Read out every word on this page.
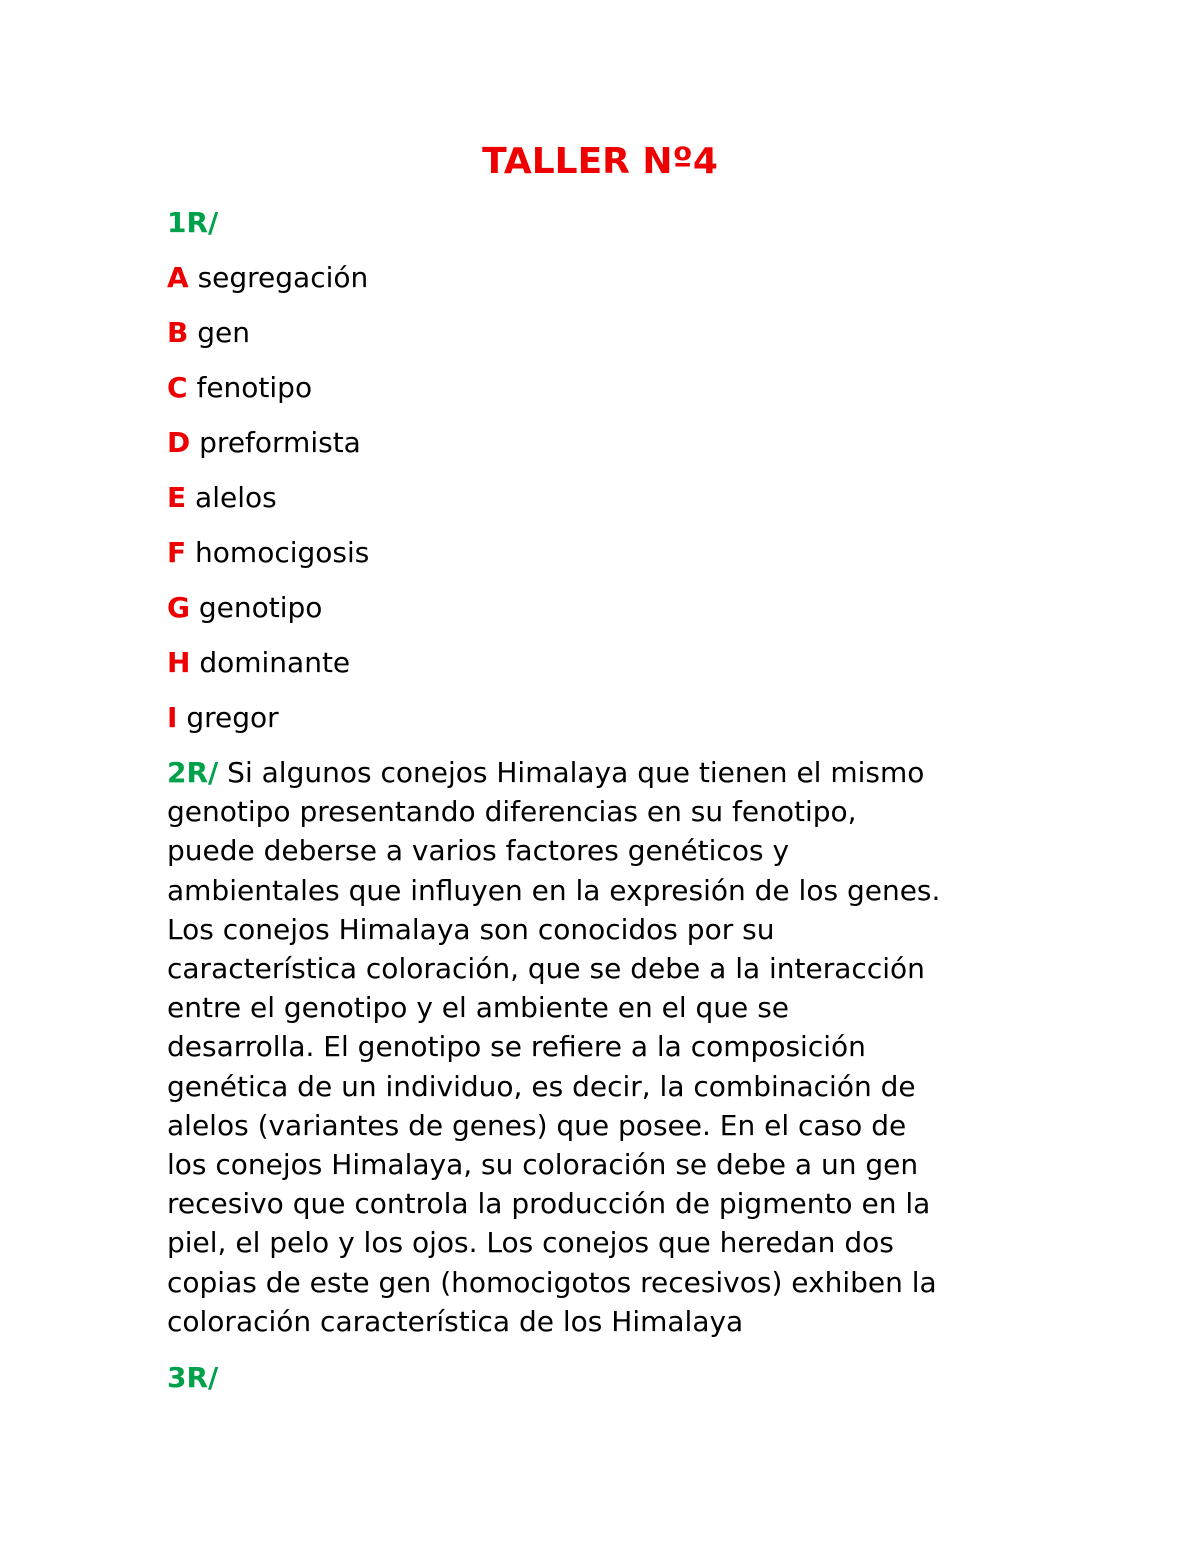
TALLER Nº4
1R/
A segregación
B gen
C fenotipo
D preformista
E alelos
F homocigosis
G genotipo
H dominante
I gregor
2R/ Si algunos conejos Himalaya que tienen el mismo
genotipo presentando diferencias en su fenotipo,
puede deberse a varios factores genéticos y
ambientales que influyen en la expresión de los genes.
Los conejos Himalaya son conocidos por su
característica coloración, que se debe a la interacción
entre el genotipo y el ambiente en el que se
desarrolla. El genotipo se refiere a la composición
genética de un individuo, es decir, la combinación de
alelos (variantes de genes) que posee. En el caso de
los conejos Himalaya, su coloración se debe a un gen
recesivo que controla la producción de pigmento en la
piel, el pelo y los ojos. Los conejos que heredan dos
copias de este gen (homocigotos recesivos) exhiben la
coloración característica de los Himalaya
3R/
